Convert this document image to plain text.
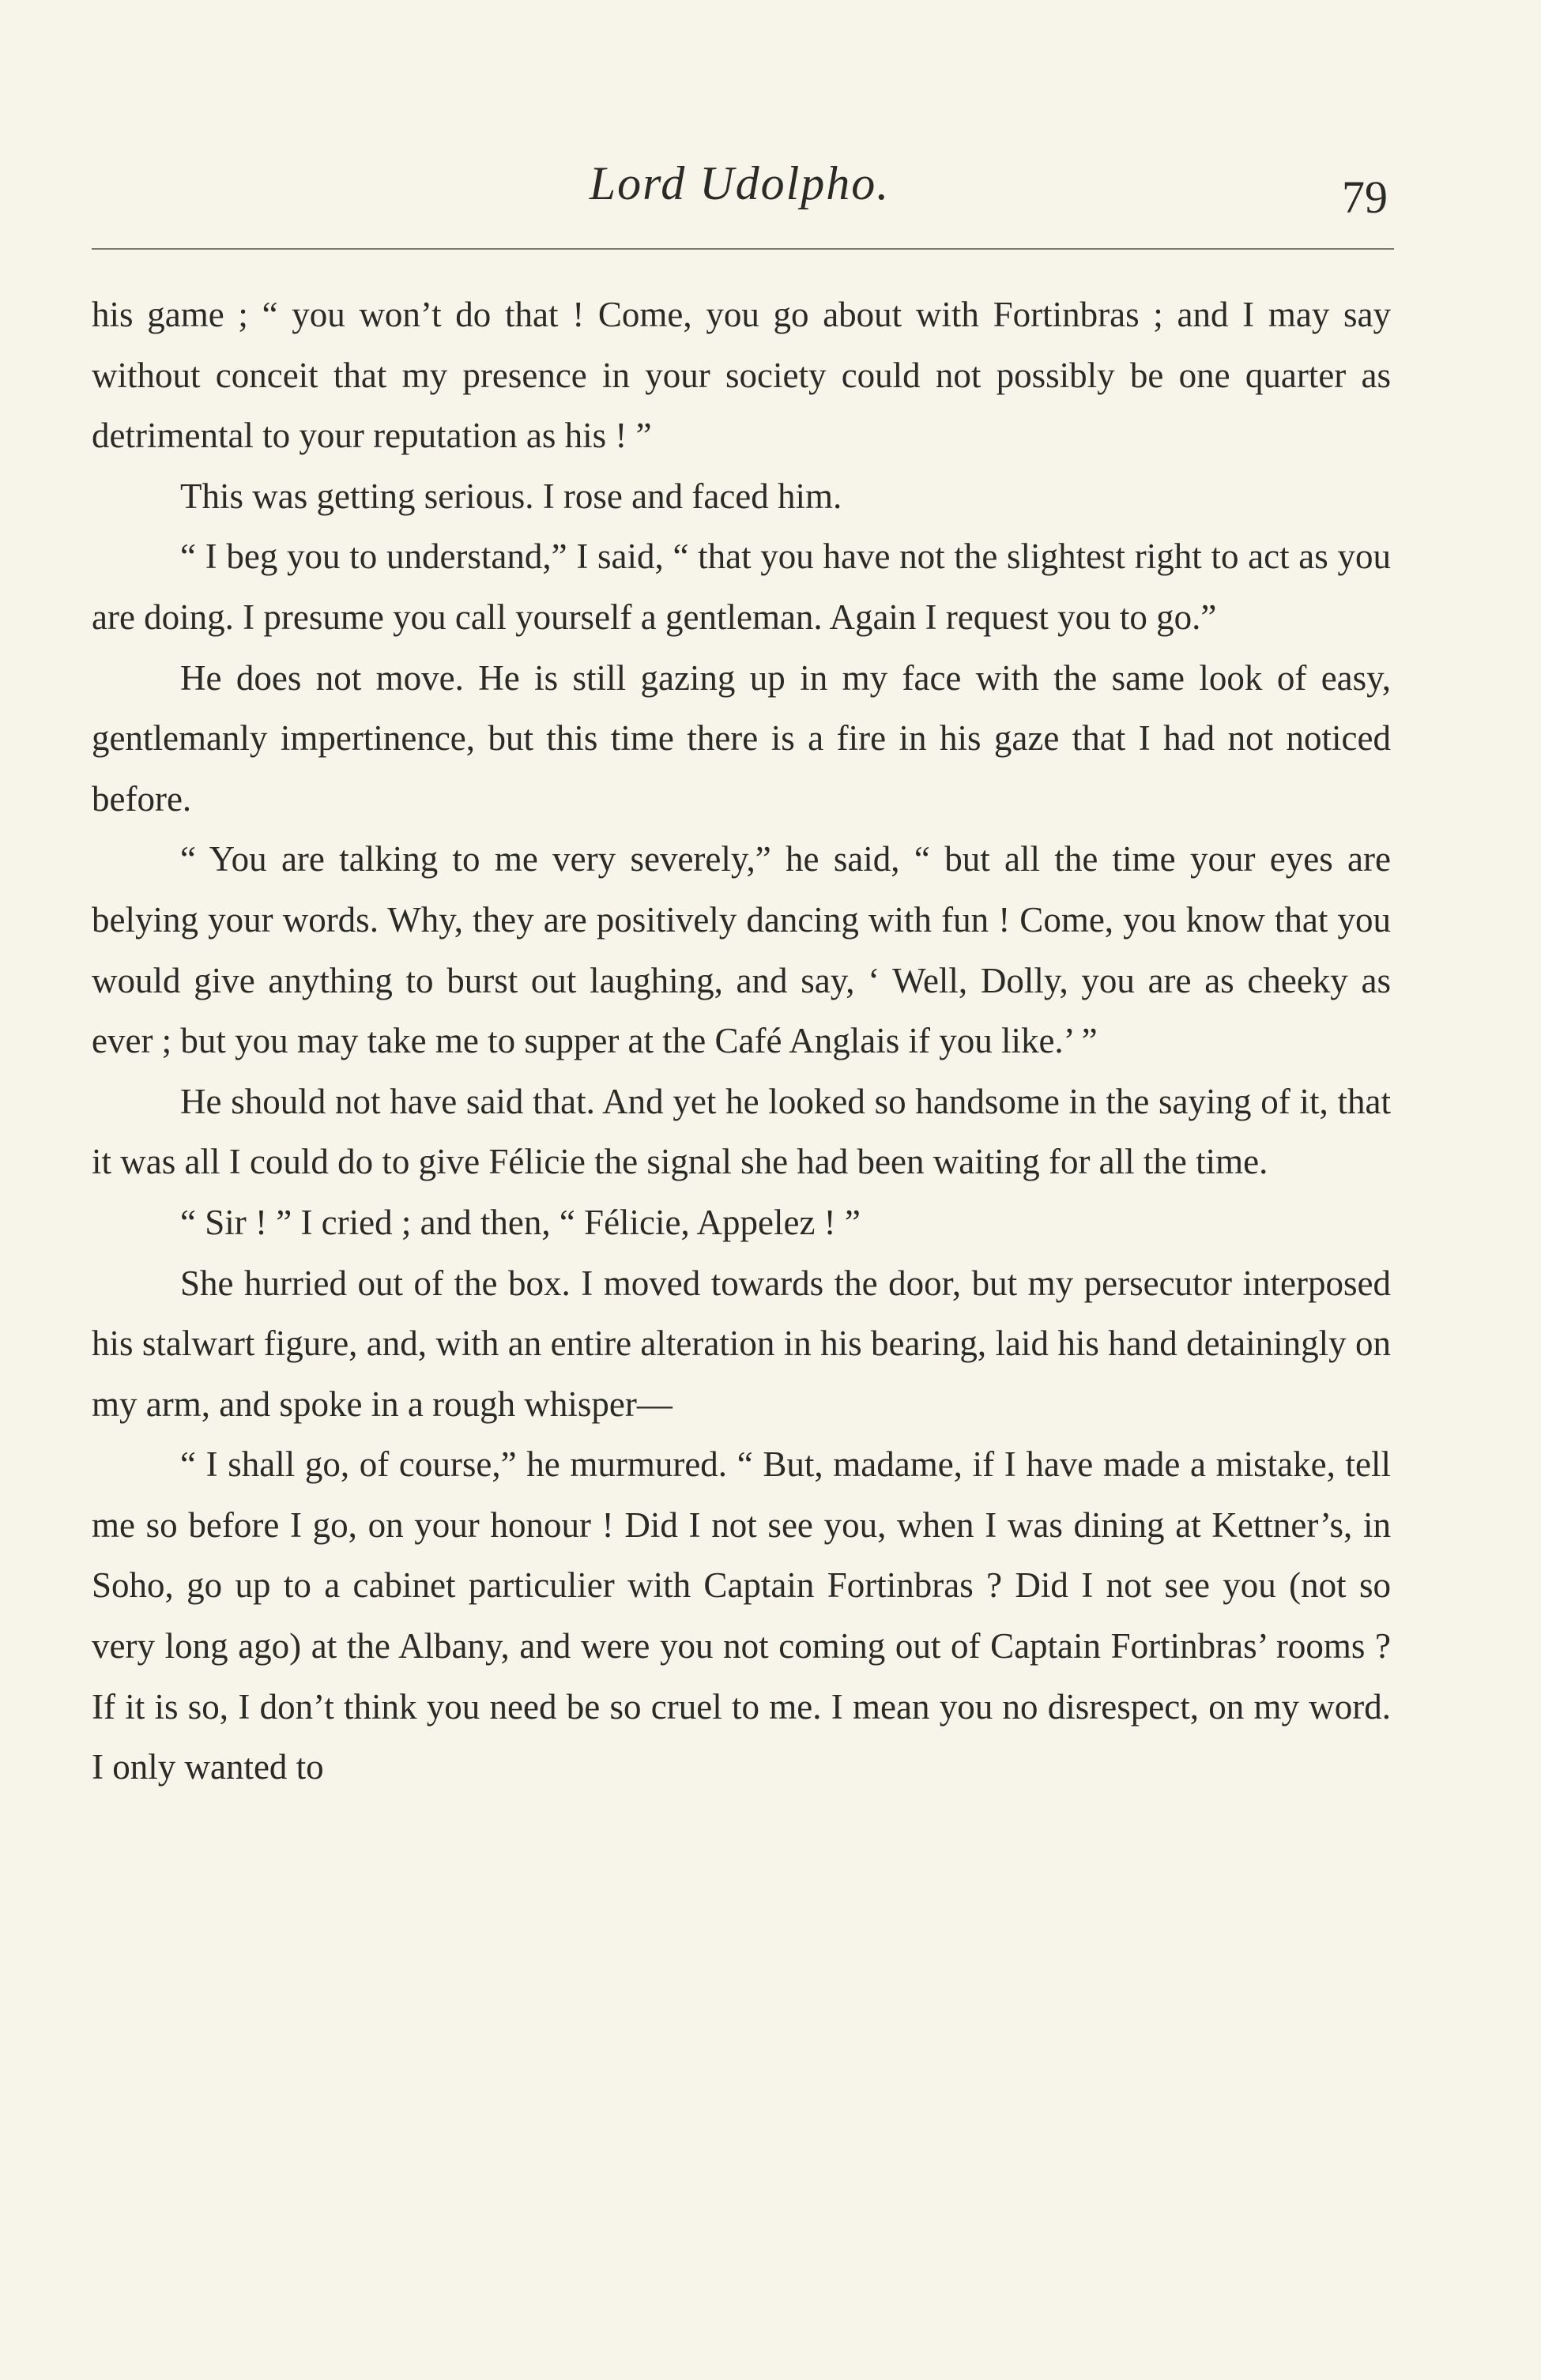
Lord Udolpho.	79

his game ; “ you won’t do that ! Come, you go about with Fortinbras ; and I may say without conceit that my presence in your society could not possibly be one quarter as detrimental to your reputation as his ! ”

This was getting serious. I rose and faced him.

“ I beg you to understand,” I said, “ that you have not the slightest right to act as you are doing. I presume you call yourself a gentleman. Again I request you to go.”

He does not move. He is still gazing up in my face with the same look of easy, gentlemanly impertinence, but this time there is a fire in his gaze that I had not noticed before.

“ You are talking to me very severely,” he said, “ but all the time your eyes are belying your words. Why, they are positively dancing with fun ! Come, you know that you would give anything to burst out laughing, and say, ‘ Well, Dolly, you are as cheeky as ever ; but you may take me to supper at the Café Anglais if you like.’ ”

He should not have said that. And yet he looked so handsome in the saying of it, that it was all I could do to give Félicie the signal she had been waiting for all the time.

“ Sir ! ” I cried ; and then, “ Félicie, Appelez ! ”

She hurried out of the box. I moved towards the door, but my persecutor interposed his stalwart figure, and, with an entire alteration in his bearing, laid his hand detainingly on my arm, and spoke in a rough whisper—

“ I shall go, of course,” he murmured. “ But, madame, if I have made a mistake, tell me so before I go, on your honour ! Did I not see you, when I was dining at Kettner’s, in Soho, go up to a cabinet particulier with Captain Fortinbras ? Did I not see you (not so very long ago) at the Albany, and were you not coming out of Captain Fortinbras’ rooms ? If it is so, I don’t think you need be so cruel to me. I mean you no disrespect, on my word. I only wanted to
